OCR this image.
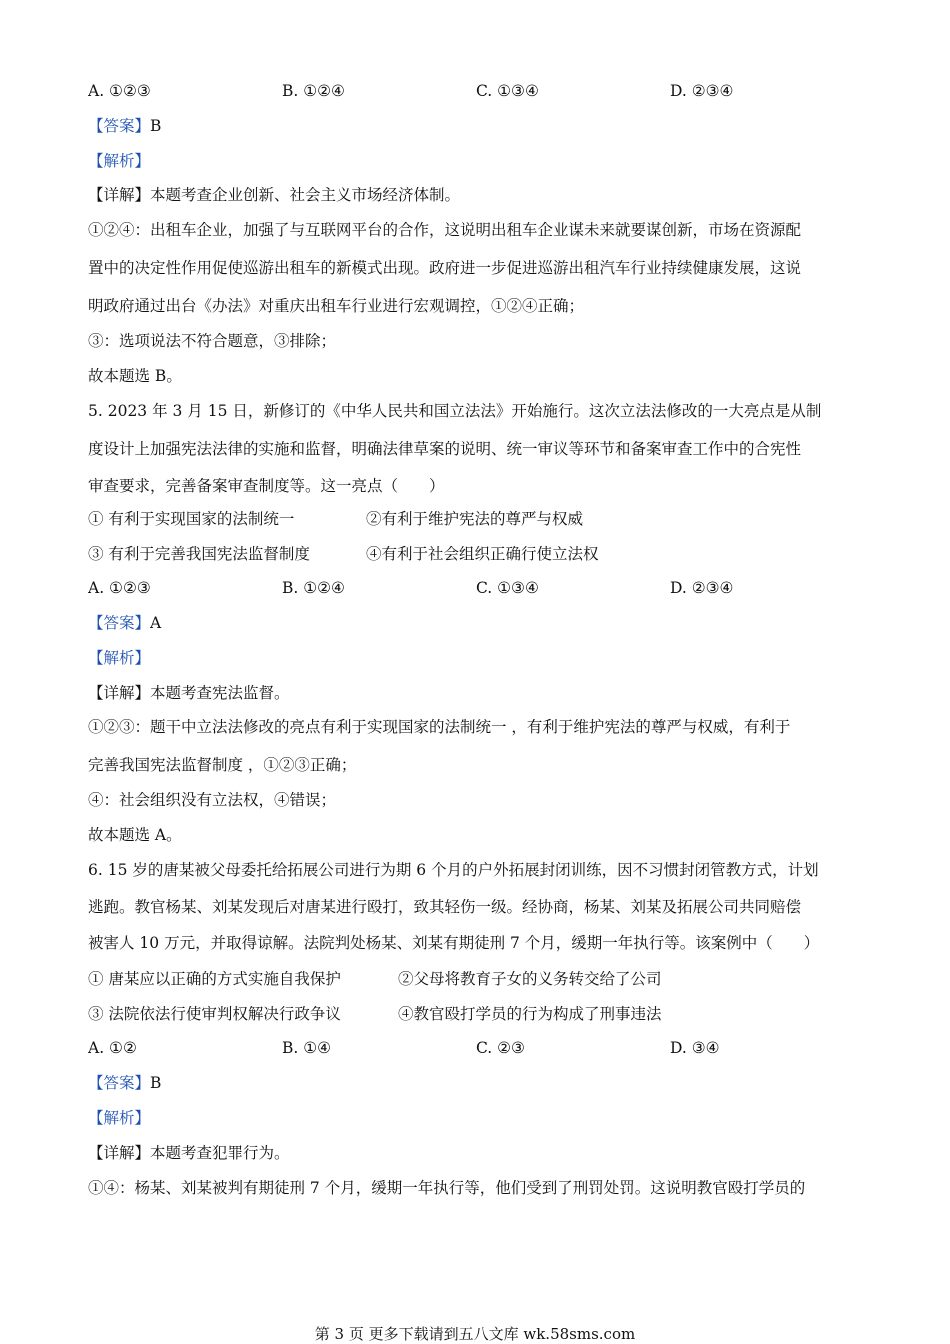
A. ①②③	B. ①②④	C. ①③④	D. ②③④
【答案】B
【解析】
【详解】本题考查企业创新、社会主义市场经济体制。
①②④：出租车企业，加强了与互联网平台的合作，这说明出租车企业谋未来就要谋创新，市场在资源配
置中的决定性作用促使巡游出租车的新模式出现。政府进一步促进巡游出租汽车行业持续健康发展，这说
明政府通过出台《办法》对重庆出租车行业进行宏观调控，①②④正确；
③：选项说法不符合题意，③排除；
故本题选 B。
5. 2023 年 3 月 15 日，新修订的《中华人民共和国立法法》开始施行。这次立法法修改的一大亮点是从制
度设计上加强宪法法律的实施和监督，明确法律草案的说明、统一审议等环节和备案审查工作中的合宪性
审查要求，完善备案审查制度等。这一亮点（　　）
① 有利于实现国家的法制统一	②有利于维护宪法的尊严与权威
③ 有利于完善我国宪法监督制度	④有利于社会组织正确行使立法权
A. ①②③	B. ①②④	C. ①③④	D. ②③④
【答案】A
【解析】
【详解】本题考查宪法监督。
①②③：题干中立法法修改的亮点有利于实现国家的法制统一 ，有利于维护宪法的尊严与权威，有利于
完善我国宪法监督制度 ，①②③正确；
④：社会组织没有立法权，④错误；
故本题选 A。
6. 15 岁的唐某被父母委托给拓展公司进行为期 6 个月的户外拓展封闭训练，因不习惯封闭管教方式，计划
逃跑。教官杨某、刘某发现后对唐某进行殴打，致其轻伤一级。经协商，杨某、刘某及拓展公司共同赔偿
被害人 10 万元，并取得谅解。法院判处杨某、刘某有期徒刑 7 个月，缓期一年执行等。该案例中（　　）
① 唐某应以正确的方式实施自我保护	②父母将教育子女的义务转交给了公司
③ 法院依法行使审判权解决行政争议	④教官殴打学员的行为构成了刑事违法
A. ①②	B. ①④	C. ②③	D. ③④
【答案】B
【解析】
【详解】本题考查犯罪行为。
①④：杨某、刘某被判有期徒刑 7 个月，缓期一年执行等，他们受到了刑罚处罚。这说明教官殴打学员的
第 3 页 更多下载请到五八文库 wk.58sms.com
